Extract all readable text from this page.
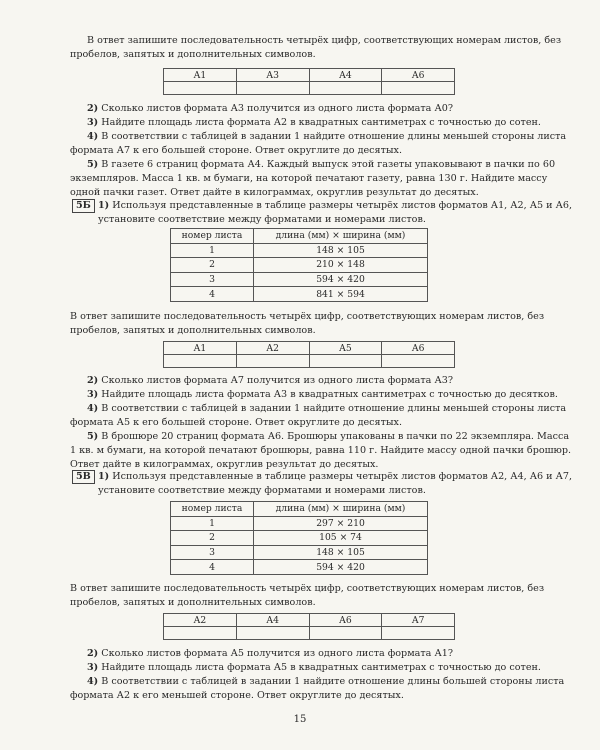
В ответ запишите последовательность четырёх цифр, соответствующих номерам листов, без пробелов, запятых и дополнительных символов.

А1	А3	А4	А6

2) Сколько листов формата А3 получится из одного листа формата А0?

3) Найдите площадь листа формата А2 в квадратных сантиметрах с точностью до сотен.

4) В соответствии с таблицей в задании 1 найдите отношение длины меньшей стороны листа формата А7 к его большей стороне. Ответ округлите до десятых.

5) В газете 6 страниц формата А4. Каждый выпуск этой газеты упаковывают в пачки по 60 экземпляров. Масса 1 кв. м бумаги, на которой печатают газету, равна 130 г. Найдите массу одной пачки газет. Ответ дайте в килограммах, округлив результат до десятых.

5Б 1) Используя представленные в таблице размеры четырёх листов форматов А1, А2, А5 и А6, установите соответствие между форматами и номерами листов.

номер листа	длина (мм) × ширина (мм)
1	148 × 105
2	210 × 148
3	594 × 420
4	841 × 594

В ответ запишите последовательность четырёх цифр, соответствующих номерам листов, без пробелов, запятых и дополнительных символов.

А1	А2	А5	А6

2) Сколько листов формата А7 получится из одного листа формата А3?

3) Найдите площадь листа формата А3 в квадратных сантиметрах с точностью до десятков.

4) В соответствии с таблицей в задании 1 найдите отношение длины меньшей стороны листа формата А5 к его большей стороне. Ответ округлите до десятых.

5) В брошюре 20 страниц формата А6. Брошюры упакованы в пачки по 22 экземпляра. Масса 1 кв. м бумаги, на которой печатают брошюры, равна 110 г. Найдите массу одной пачки брошюр. Ответ дайте в килограммах, округлив результат до десятых.

5В 1) Используя представленные в таблице размеры четырёх листов форматов А2, А4, А6 и А7, установите соответствие между форматами и номерами листов.

номер листа	длина (мм) × ширина (мм)
1	297 × 210
2	105 × 74
3	148 × 105
4	594 × 420

В ответ запишите последовательность четырёх цифр, соответствующих номерам листов, без пробелов, запятых и дополнительных символов.

А2	А4	А6	А7

2) Сколько листов формата А5 получится из одного листа формата А1?

3) Найдите площадь листа формата А5 в квадратных сантиметрах с точностью до сотен.

4) В соответствии с таблицей в задании 1 найдите отношение длины большей стороны листа формата А2 к его меньшей стороне. Ответ округлите до десятых.

15
